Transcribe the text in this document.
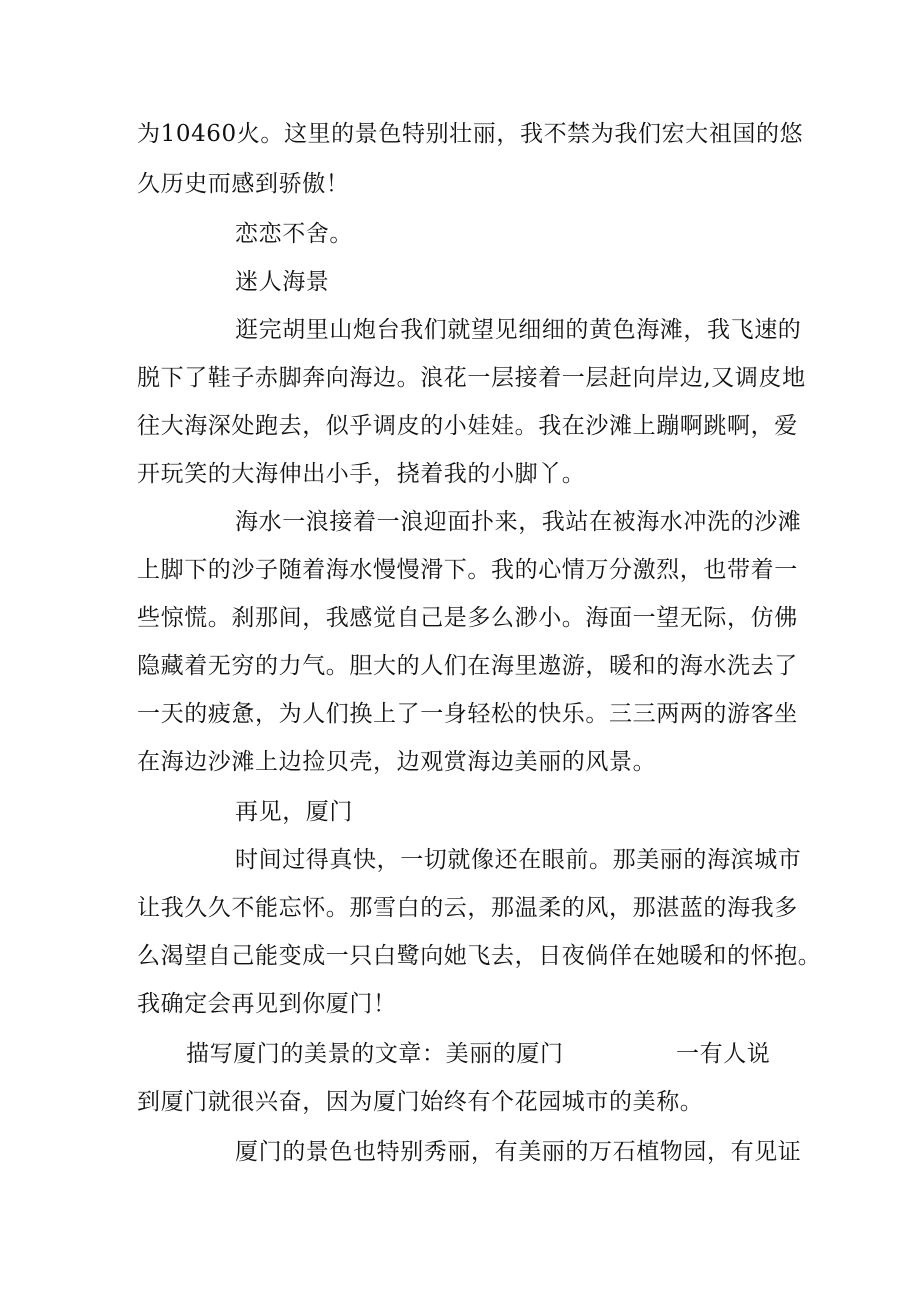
为10460火。这里的景色特别壮丽，我不禁为我们宏大祖国的悠
久历史而感到骄傲！
恋恋不舍。
迷人海景
逛完胡里山炮台我们就望见细细的黄色海滩，我飞速的
脱下了鞋子赤脚奔向海边。浪花一层接着一层赶向岸边,又调皮地
往大海深处跑去，似乎调皮的小娃娃。我在沙滩上蹦啊跳啊，爱
开玩笑的大海伸出小手，挠着我的小脚丫。
海水一浪接着一浪迎面扑来，我站在被海水冲洗的沙滩
上脚下的沙子随着海水慢慢滑下。我的心情万分激烈，也带着一
些惊慌。刹那间，我感觉自己是多么渺小。海面一望无际，仿佛
隐藏着无穷的力气。胆大的人们在海里遨游，暖和的海水洗去了
一天的疲惫，为人们换上了一身轻松的快乐。三三两两的游客坐
在海边沙滩上边捡贝壳，边观赏海边美丽的风景。
再见，厦门
时间过得真快，一切就像还在眼前。那美丽的海滨城市
让我久久不能忘怀。那雪白的云，那温柔的风，那湛蓝的海我多
么渴望自己能变成一只白鹭向她飞去，日夜倘佯在她暖和的怀抱。
我确定会再见到你厦门！
描写厦门的美景的文章：美丽的厦门	一有人说
到厦门就很兴奋，因为厦门始终有个花园城市的美称。
厦门的景色也特别秀丽，有美丽的万石植物园，有见证
